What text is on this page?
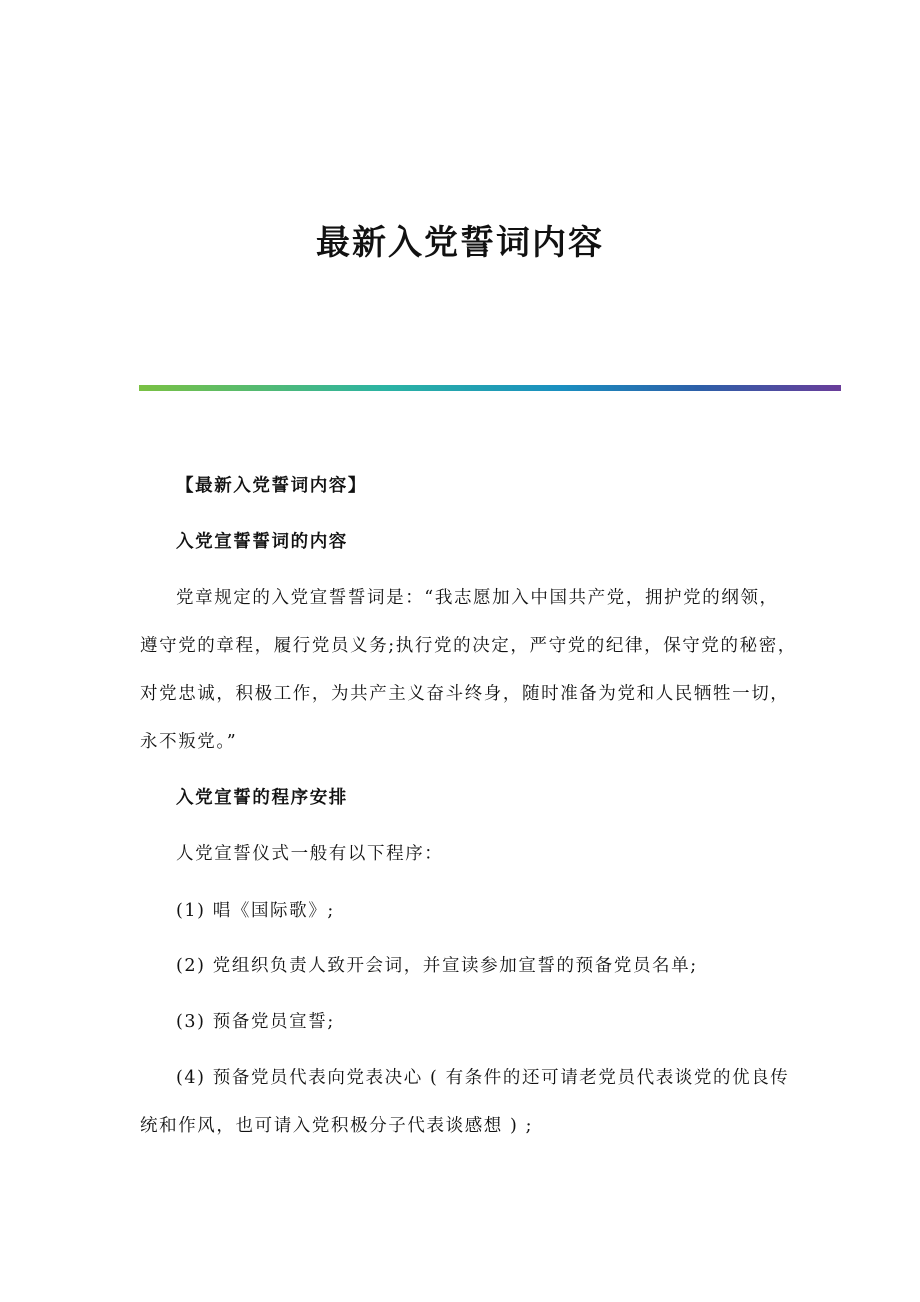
最新入党誓词内容
【最新入党誓词内容】
入党宣誓誓词的内容
党章规定的入党宣誓誓词是：“我志愿加入中国共产党，拥护党的纲领，
遵守党的章程，履行党员义务;执行党的决定，严守党的纪律，保守党的秘密，
对党忠诚，积极工作，为共产主义奋斗终身，随时准备为党和人民牺牲一切，
永不叛党。”
入党宣誓的程序安排
人党宣誓仪式一般有以下程序：
(1) 唱《国际歌》;
(2) 党组织负责人致开会词，并宣读参加宣誓的预备党员名单;
(3) 预备党员宣誓;
(4) 预备党员代表向党表决心 ( 有条件的还可请老党员代表谈党的优良传
统和作风，也可请入党积极分子代表谈感想 ) ;
